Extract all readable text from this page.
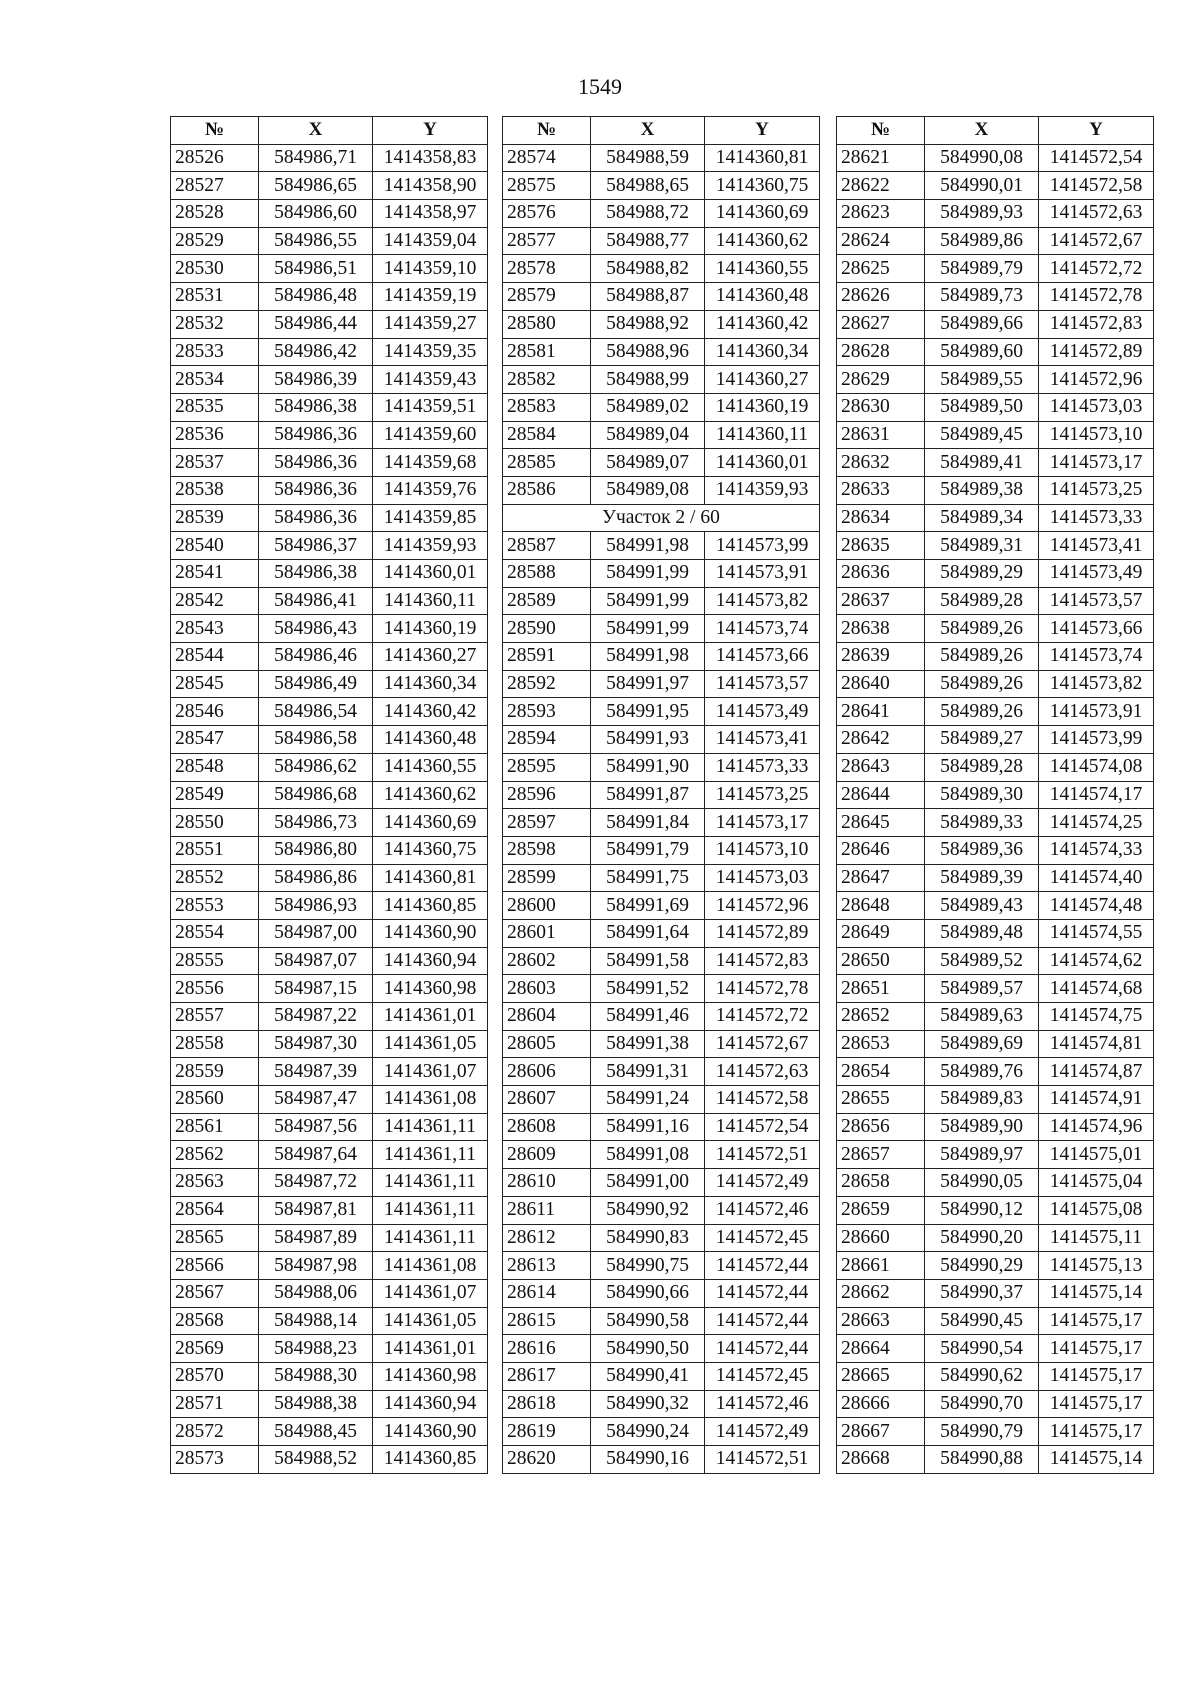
1549
№	X	Y
28526	584986,71	1414358,83
28527	584986,65	1414358,90
28528	584986,60	1414358,97
28529	584986,55	1414359,04
28530	584986,51	1414359,10
28531	584986,48	1414359,19
28532	584986,44	1414359,27
28533	584986,42	1414359,35
28534	584986,39	1414359,43
28535	584986,38	1414359,51
28536	584986,36	1414359,60
28537	584986,36	1414359,68
28538	584986,36	1414359,76
28539	584986,36	1414359,85
28540	584986,37	1414359,93
28541	584986,38	1414360,01
28542	584986,41	1414360,11
28543	584986,43	1414360,19
28544	584986,46	1414360,27
28545	584986,49	1414360,34
28546	584986,54	1414360,42
28547	584986,58	1414360,48
28548	584986,62	1414360,55
28549	584986,68	1414360,62
28550	584986,73	1414360,69
28551	584986,80	1414360,75
28552	584986,86	1414360,81
28553	584986,93	1414360,85
28554	584987,00	1414360,90
28555	584987,07	1414360,94
28556	584987,15	1414360,98
28557	584987,22	1414361,01
28558	584987,30	1414361,05
28559	584987,39	1414361,07
28560	584987,47	1414361,08
28561	584987,56	1414361,11
28562	584987,64	1414361,11
28563	584987,72	1414361,11
28564	584987,81	1414361,11
28565	584987,89	1414361,11
28566	584987,98	1414361,08
28567	584988,06	1414361,07
28568	584988,14	1414361,05
28569	584988,23	1414361,01
28570	584988,30	1414360,98
28571	584988,38	1414360,94
28572	584988,45	1414360,90
28573	584988,52	1414360,85
№	X	Y
28574	584988,59	1414360,81
28575	584988,65	1414360,75
28576	584988,72	1414360,69
28577	584988,77	1414360,62
28578	584988,82	1414360,55
28579	584988,87	1414360,48
28580	584988,92	1414360,42
28581	584988,96	1414360,34
28582	584988,99	1414360,27
28583	584989,02	1414360,19
28584	584989,04	1414360,11
28585	584989,07	1414360,01
28586	584989,08	1414359,93
Участок 2 / 60		
28587	584991,98	1414573,99
28588	584991,99	1414573,91
28589	584991,99	1414573,82
28590	584991,99	1414573,74
28591	584991,98	1414573,66
28592	584991,97	1414573,57
28593	584991,95	1414573,49
28594	584991,93	1414573,41
28595	584991,90	1414573,33
28596	584991,87	1414573,25
28597	584991,84	1414573,17
28598	584991,79	1414573,10
28599	584991,75	1414573,03
28600	584991,69	1414572,96
28601	584991,64	1414572,89
28602	584991,58	1414572,83
28603	584991,52	1414572,78
28604	584991,46	1414572,72
28605	584991,38	1414572,67
28606	584991,31	1414572,63
28607	584991,24	1414572,58
28608	584991,16	1414572,54
28609	584991,08	1414572,51
28610	584991,00	1414572,49
28611	584990,92	1414572,46
28612	584990,83	1414572,45
28613	584990,75	1414572,44
28614	584990,66	1414572,44
28615	584990,58	1414572,44
28616	584990,50	1414572,44
28617	584990,41	1414572,45
28618	584990,32	1414572,46
28619	584990,24	1414572,49
28620	584990,16	1414572,51
№	X	Y
28621	584990,08	1414572,54
28622	584990,01	1414572,58
28623	584989,93	1414572,63
28624	584989,86	1414572,67
28625	584989,79	1414572,72
28626	584989,73	1414572,78
28627	584989,66	1414572,83
28628	584989,60	1414572,89
28629	584989,55	1414572,96
28630	584989,50	1414573,03
28631	584989,45	1414573,10
28632	584989,41	1414573,17
28633	584989,38	1414573,25
28634	584989,34	1414573,33
28635	584989,31	1414573,41
28636	584989,29	1414573,49
28637	584989,28	1414573,57
28638	584989,26	1414573,66
28639	584989,26	1414573,74
28640	584989,26	1414573,82
28641	584989,26	1414573,91
28642	584989,27	1414573,99
28643	584989,28	1414574,08
28644	584989,30	1414574,17
28645	584989,33	1414574,25
28646	584989,36	1414574,33
28647	584989,39	1414574,40
28648	584989,43	1414574,48
28649	584989,48	1414574,55
28650	584989,52	1414574,62
28651	584989,57	1414574,68
28652	584989,63	1414574,75
28653	584989,69	1414574,81
28654	584989,76	1414574,87
28655	584989,83	1414574,91
28656	584989,90	1414574,96
28657	584989,97	1414575,01
28658	584990,05	1414575,04
28659	584990,12	1414575,08
28660	584990,20	1414575,11
28661	584990,29	1414575,13
28662	584990,37	1414575,14
28663	584990,45	1414575,17
28664	584990,54	1414575,17
28665	584990,62	1414575,17
28666	584990,70	1414575,17
28667	584990,79	1414575,17
28668	584990,88	1414575,14
